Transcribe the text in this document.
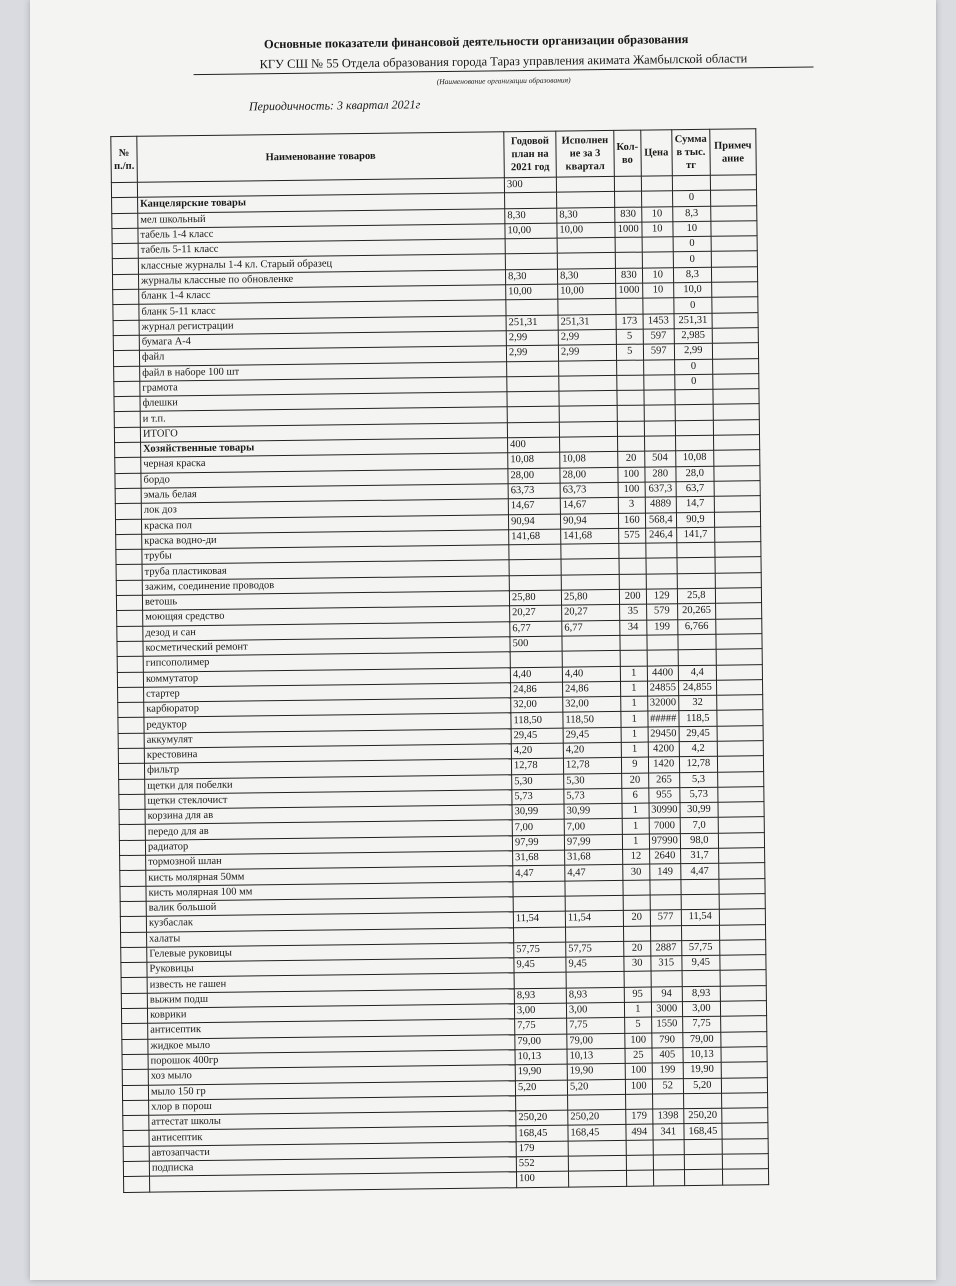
Основные показатели финансовой деятельности организации образования
КГУ СШ № 55 Отдела образования города Тараз управления акимата Жамбылской области
(Наименование организации образования)
Периодичность: 3 квартал 2021г
№ п./п.	Наименование товаров	Годовой план на 2021 год	Исполнен ие за 3 квартал	Кол-во	Цена	Сумма в тыс. тг	Примеч ание
		300					
	Канцелярские товары					0	
	мел школьный	8,30	8,30	830	10	8,3	
	табель 1-4 класс	10,00	10,00	1000	10	10	
	табель 5-11 класс					0	
	классные журналы 1-4 кл. Старый образец					0	
	журналы классные по обновленке	8,30	8,30	830	10	8,3	
	бланк 1-4 класс	10,00	10,00	1000	10	10,0	
	бланк 5-11 класс					0	
	журнал регистрации	251,31	251,31	173	1453	251,31	
	бумага А-4	2,99	2,99	5	597	2,985	
	файл	2,99	2,99	5	597	2,99	
	файл в наборе 100 шт					0	
	грамота					0	
	флешки						
	и т.п.						
	ИТОГО						
	Хозяйственные товары	400					
	черная краска	10,08	10,08	20	504	10,08	
	бордо	28,00	28,00	100	280	28,0	
	эмаль белая	63,73	63,73	100	637,3	63,7	
	лок доз	14,67	14,67	3	4889	14,7	
	краска пол	90,94	90,94	160	568,4	90,9	
	краска водно-ди	141,68	141,68	575	246,4	141,7	
	трубы						
	труба пластиковая						
	зажим, соединение проводов						
	ветошь	25,80	25,80	200	129	25,8	
	моющяя средство	20,27	20,27	35	579	20,265	
	дезод и сан	6,77	6,77	34	199	6,766	
	косметический ремонт	500					
	гипсополимер						
	коммутатор	4,40	4,40	1	4400	4,4	
	стартер	24,86	24,86	1	24855	24,855	
	карбюратор	32,00	32,00	1	32000	32	
	редуктор	118,50	118,50	1	#####	118,5	
	аккумулят	29,45	29,45	1	29450	29,45	
	крестовина	4,20	4,20	1	4200	4,2	
	фильтр	12,78	12,78	9	1420	12,78	
	щетки для побелки	5,30	5,30	20	265	5,3	
	щетки стеклочист	5,73	5,73	6	955	5,73	
	корзина для ав	30,99	30,99	1	30990	30,99	
	передо для ав	7,00	7,00	1	7000	7,0	
	радиатор	97,99	97,99	1	97990	98,0	
	тормозной шлан	31,68	31,68	12	2640	31,7	
	кисть молярная 50мм	4,47	4,47	30	149	4,47	
	кисть молярная 100 мм						
	валик большой						
	кузбаслак	11,54	11,54	20	577	11,54	
	халаты						
	Гелевые руковицы	57,75	57,75	20	2887	57,75	
	Руковицы	9,45	9,45	30	315	9,45	
	известь не гашен						
	выжим подш	8,93	8,93	95	94	8,93	
	коврики	3,00	3,00	1	3000	3,00	
	антисептик	7,75	7,75	5	1550	7,75	
	жидкое мыло	79,00	79,00	100	790	79,00	
	порошок 400гр	10,13	10,13	25	405	10,13	
	хоз мыло	19,90	19,90	100	199	19,90	
	мыло 150 гр	5,20	5,20	100	52	5,20	
	хлор в порош						
	аттестат школы	250,20	250,20	179	1398	250,20	
	антисептик	168,45	168,45	494	341	168,45	
	автозапчасти	179					
	подписка	552					
		100					
